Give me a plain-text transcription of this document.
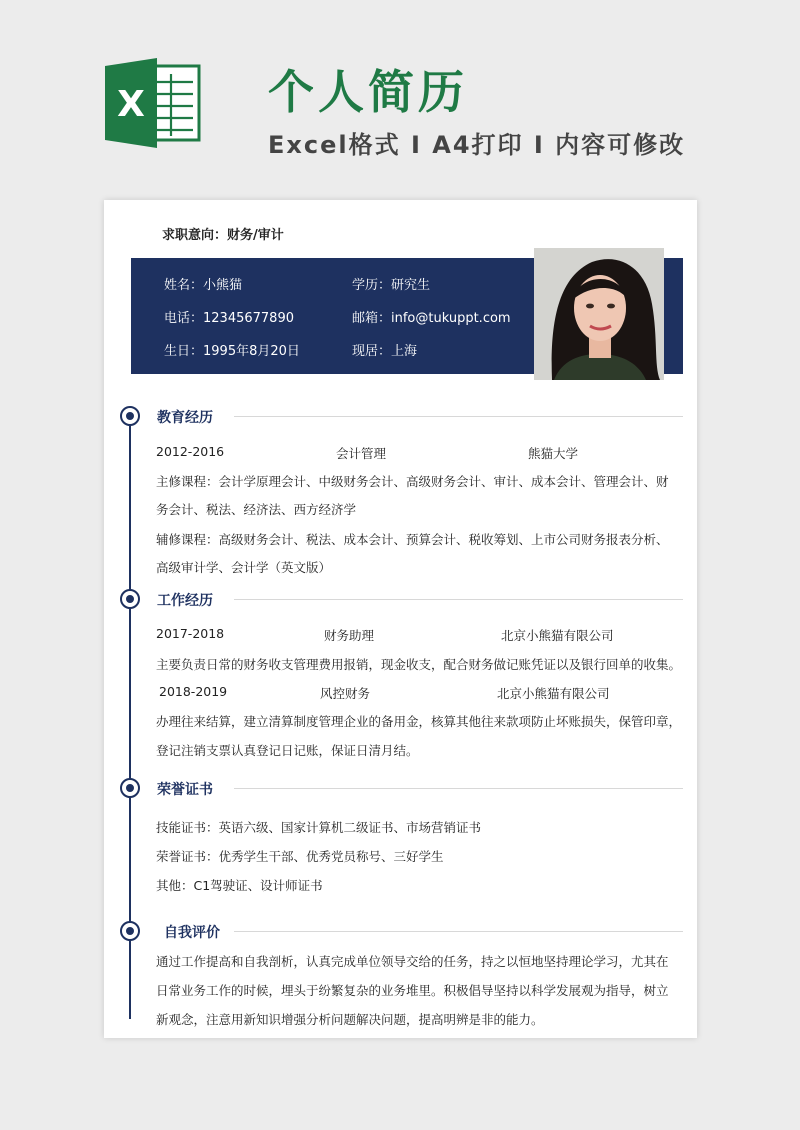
X	个人简历
Excel格式 I A4打印 I 内容可修改
求职意向：财务/审计
姓名：小熊猫	学历：研究生
电话：12345677890	邮箱：info@tukuppt.com
生日：1995年8月20日	现居：上海
教育经历
2012-2016	会计管理	熊猫大学
主修课程：会计学原理会计、中级财务会计、高级财务会计、审计、成本会计、管理会计、财
务会计、税法、经济法、西方经济学
辅修课程：高级财务会计、税法、成本会计、预算会计、税收筹划、上市公司财务报表分析、
高级审计学、会计学（英文版）
工作经历
2017-2018	财务助理	北京小熊猫有限公司
主要负责日常的财务收支管理费用报销，现金收支，配合财务做记账凭证以及银行回单的收集。
2018-2019	风控财务	北京小熊猫有限公司
办理往来结算，建立清算制度管理企业的备用金，核算其他往来款项防止坏账损失，保管印章，
登记注销支票认真登记日记账，保证日清月结。
荣誉证书
技能证书：英语六级、国家计算机二级证书、市场营销证书
荣誉证书：优秀学生干部、优秀党员称号、三好学生
其他：C1驾驶证、设计师证书
自我评价
通过工作提高和自我剖析，认真完成单位领导交给的任务，持之以恒地坚持理论学习，尤其在
日常业务工作的时候，埋头于纷繁复杂的业务堆里。积极倡导坚持以科学发展观为指导，树立
新观念，注意用新知识增强分析问题解决问题，提高明辨是非的能力。
